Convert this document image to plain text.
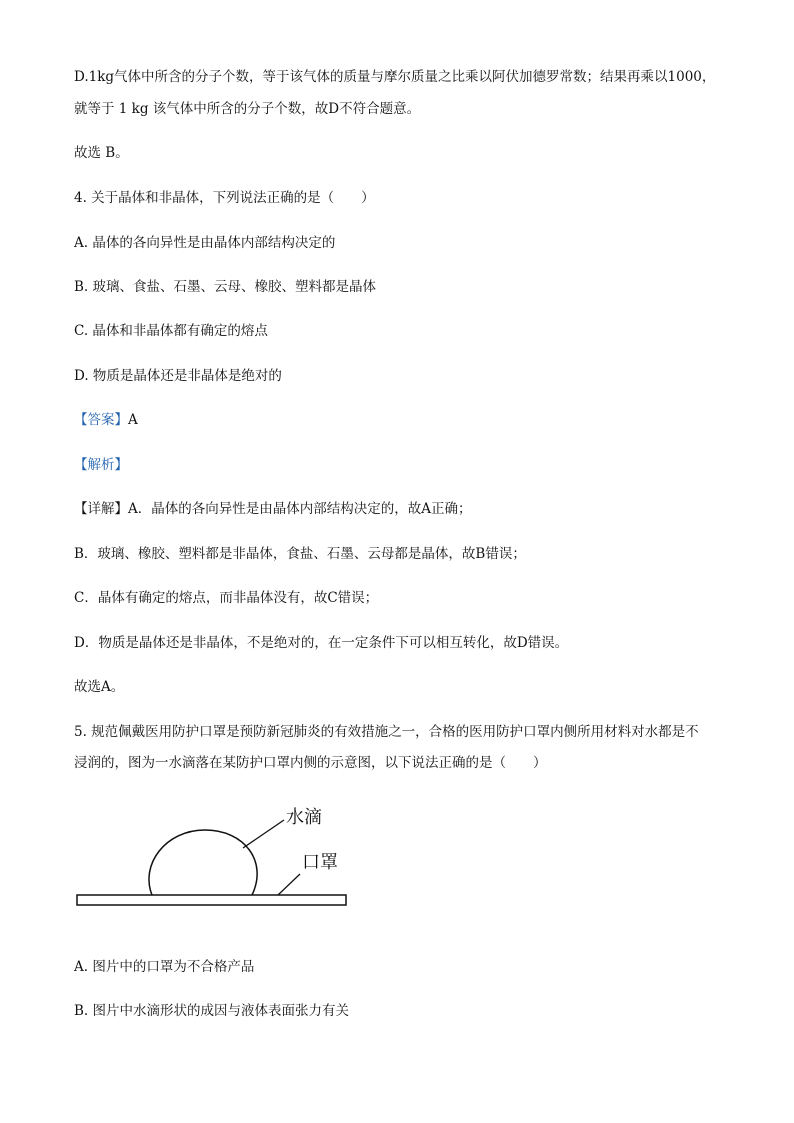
D.1kg气体中所含的分子个数，等于该气体的质量与摩尔质量之比乘以阿伏加德罗常数；结果再乘以1000，
就等于 1 kg 该气体中所含的分子个数，故D不符合题意。
故选 B。
4. 关于晶体和非晶体，下列说法正确的是（　　）
A. 晶体的各向异性是由晶体内部结构决定的
B. 玻璃、食盐、石墨、云母、橡胶、塑料都是晶体
C. 晶体和非晶体都有确定的熔点
D. 物质是晶体还是非晶体是绝对的
【答案】A
【解析】
【详解】A．晶体的各向异性是由晶体内部结构决定的，故A正确；
B．玻璃、橡胶、塑料都是非晶体，食盐、石墨、云母都是晶体，故B错误；
C．晶体有确定的熔点，而非晶体没有，故C错误；
D．物质是晶体还是非晶体，不是绝对的，在一定条件下可以相互转化，故D错误。
故选A。
5. 规范佩戴医用防护口罩是预防新冠肺炎的有效措施之一，合格的医用防护口罩内侧所用材料对水都是不
浸润的，图为一水滴落在某防护口罩内侧的示意图，以下说法正确的是（　　）
水滴
口罩
A. 图片中的口罩为不合格产品
B. 图片中水滴形状的成因与液体表面张力有关
